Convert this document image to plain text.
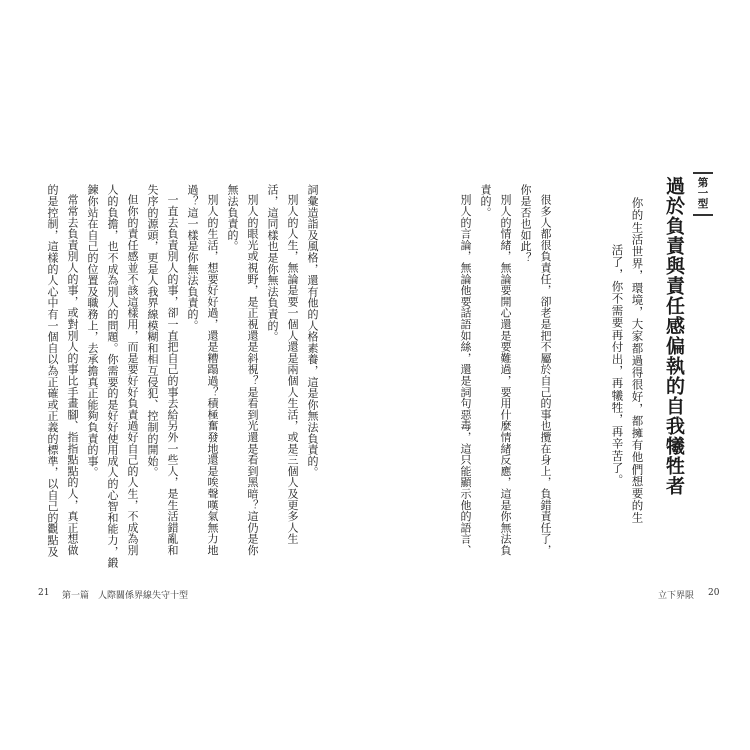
第一型
過於負責與責任感偏執的自我犧牲者
你的生活世界，環境，大家都過得很好，都擁有他們想要的生
活了，你不需要再付出，再犧牲，再辛苦了。
很多人都很負責任，卻老是把不屬於自己的事也攬在身上，負錯責任了，
你是否也如此？
別人的情緒，無論要開心還是要難過，要用什麼情緒反應，這是你無法負
責的。
別人的言論，無論他要話語如絲，還是詞句惡毒，這只能顯示他的語言、
詞彙造詣及風格，還有他的人格素養，這是你無法負責的。
別人的人生，無論是要一個人還是兩個人生活，或是三個人及更多人生
活，這同樣也是你無法負責的。
別人的眼光或視野，是正視還是斜視？是看到光還是看到黑暗？這仍是你
無法負責的。
別人的生活，想要好好過，還是糟蹋過？積極奮發地還是唉聲嘆氣無力地
過？這一樣是你無法負責的。
一直去負責別人的事，卻一直把自己的事去給另外一些人，是生活錯亂和
失序的源頭，更是人我界線模糊和相互侵犯、控制的開始。
但你的責任感並不該這樣用，而是要好好負責過好自己的人生，不成為別
人的負擔，也不成為別人的問題。你需要的是好好使用成人的心智和能力，鍛
鍊你站在自己的位置及職務上，去承擔真正能夠負責的事。
常常去負責別人的事，或對別人的事比手畫腳、指指點點的人，真正想做
的是控制，這樣的人心中有一個自以為正確或正義的標準，以自己的觀點及
21 第一篇　人際關係界線失守十型	立下界限 20
